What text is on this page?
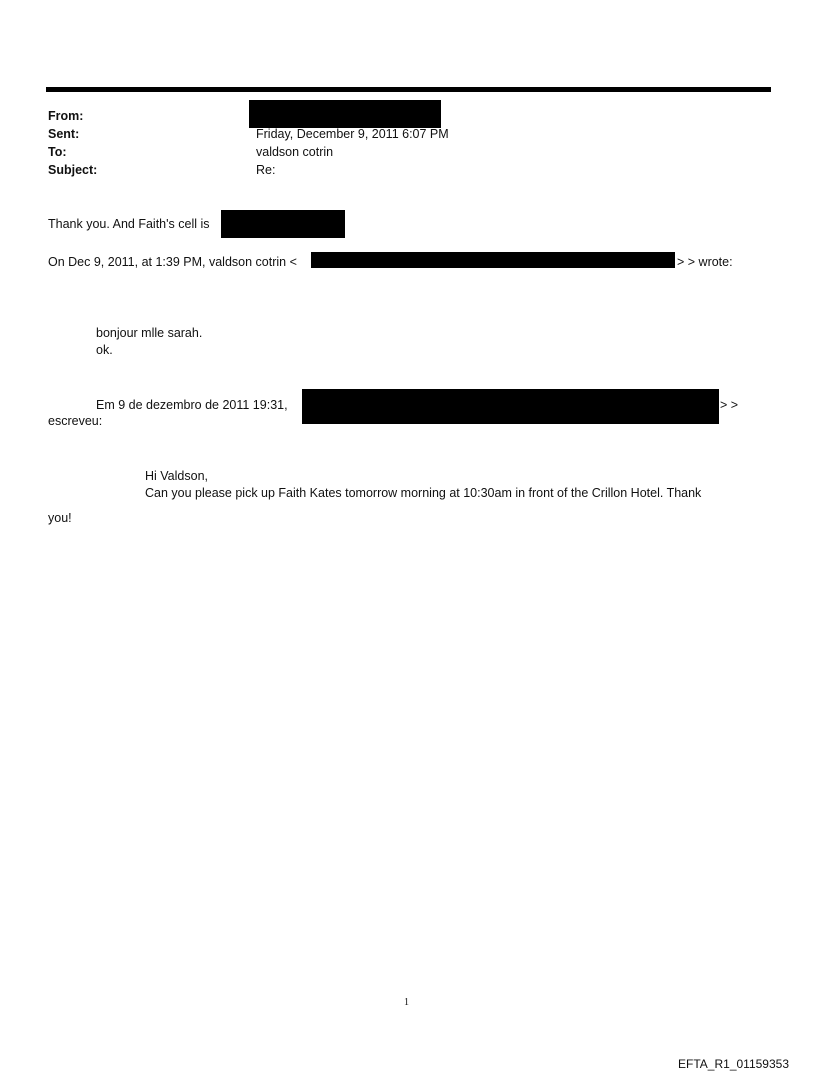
From:
Sent:	Friday, December 9, 2011 6:07 PM
To:	valdson cotrin
Subject:	Re:
Thank you. And Faith's cell is
On Dec 9, 2011, at 1:39 PM, valdson cotrin <	> > wrote:
bonjour mlle sarah.
ok.
Em 9 de dezembro de 2011 19:31,	> >
escreveu:
Hi Valdson,
Can you please pick up Faith Kates tomorrow morning at 10:30am in front of the Crillon Hotel. Thank
you!
1
EFTA_R1_01159353
